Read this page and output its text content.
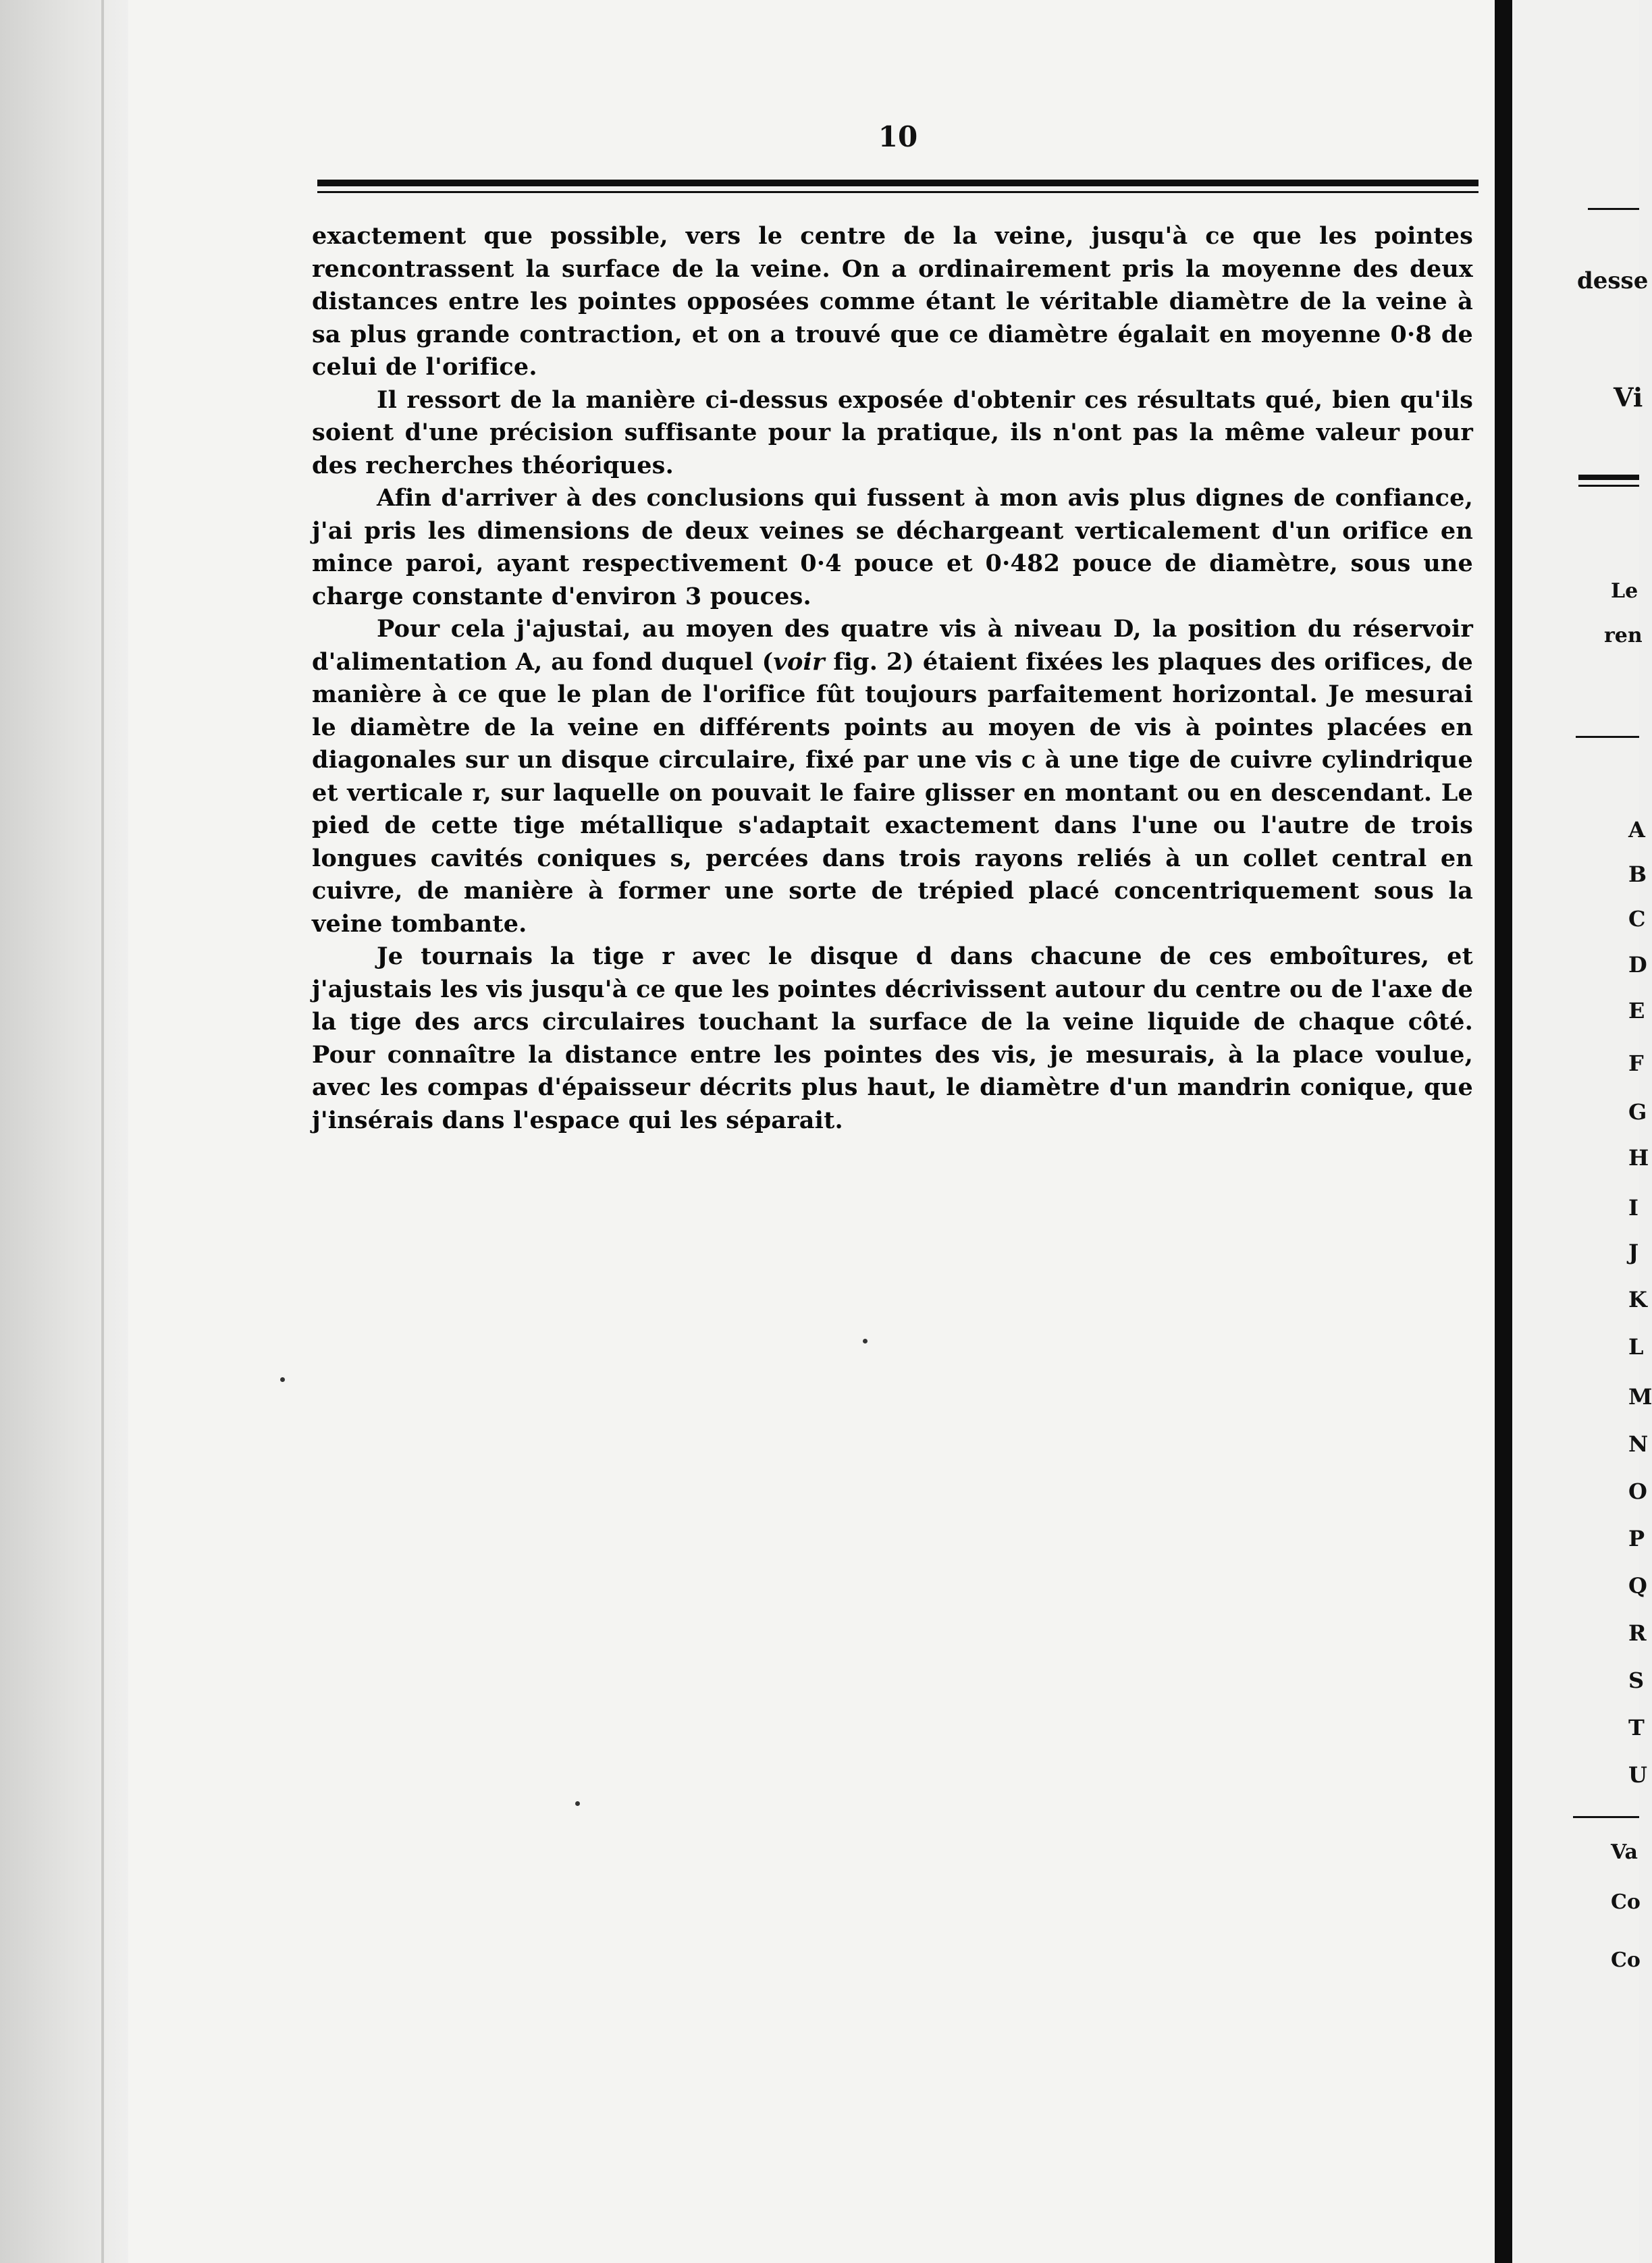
10

exactement que possible, vers le centre de la veine, jusqu'à ce que les pointes rencontrassent la surface de la veine. On a ordinairement pris la moyenne des deux distances entre les pointes opposées comme étant le véritable diamètre de la veine à sa plus grande contraction, et on a trouvé que ce diamètre égalait en moyenne 0·8 de celui de l'orifice.

Il ressort de la manière ci-dessus exposée d'obtenir ces résultats qué, bien qu'ils soient d'une précision suffisante pour la pratique, ils n'ont pas la même valeur pour des recherches théoriques.

Afin d'arriver à des conclusions qui fussent à mon avis plus dignes de confiance, j'ai pris les dimensions de deux veines se déchargeant verticalement d'un orifice en mince paroi, ayant respectivement 0·4 pouce et 0·482 pouce de diamètre, sous une charge constante d'environ 3 pouces.

Pour cela j'ajustai, au moyen des quatre vis à niveau D, la position du réservoir d'alimentation A, au fond duquel (voir fig. 2) étaient fixées les plaques des orifices, de manière à ce que le plan de l'orifice fût toujours parfaitement horizontal. Je mesurai le diamètre de la veine en différents points au moyen de vis à pointes placées en diagonales sur un disque circulaire, fixé par une vis c à une tige de cuivre cylindrique et verticale r, sur laquelle on pouvait le faire glisser en montant ou en descendant. Le pied de cette tige métallique s'adaptait exactement dans l'une ou l'autre de trois longues cavités coniques s, percées dans trois rayons reliés à un collet central en cuivre, de manière à former une sorte de trépied placé concentriquement sous la veine tombante.

Je tournais la tige r avec le disque d dans chacune de ces emboîtures, et j'ajustais les vis jusqu'à ce que les pointes décrivissent autour du centre ou de l'axe de la tige des arcs circulaires touchant la surface de la veine liquide de chaque côté. Pour connaître la distance entre les pointes des vis, je mesurais, à la place voulue, avec les compas d'épaisseur décrits plus haut, le diamètre d'un mandrin conique, que j'insérais dans l'espace qui les séparait.

desse
Vi
Le
ren
Va
Co
Co
A
B
C
D
E
F
G
H
I
J
K
L
M
N
O
P
Q
R
S
T
U
